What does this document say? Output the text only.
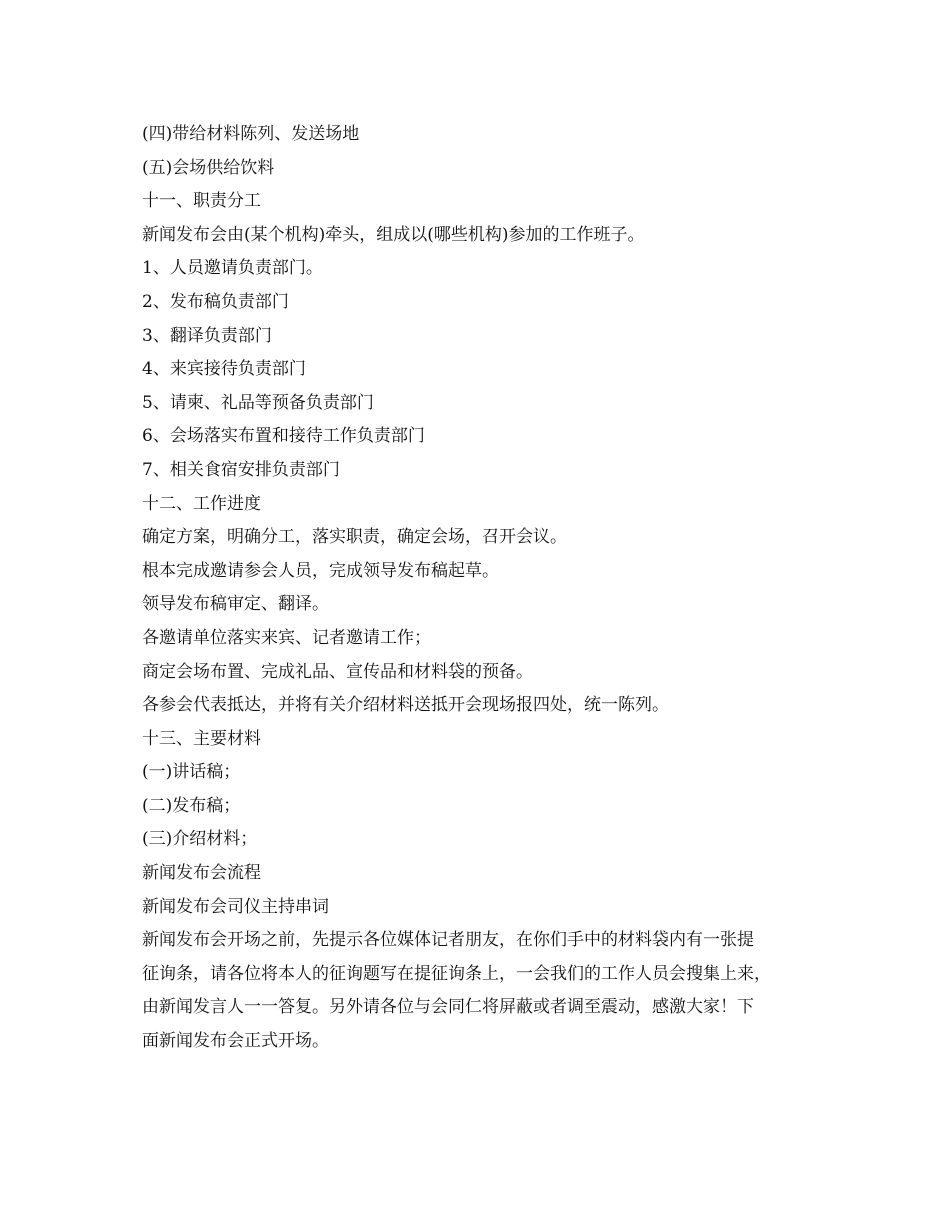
(四)带给材料陈列、发送场地

(五)会场供给饮料

十一、职责分工

新闻发布会由(某个机构)牵头，组成以(哪些机构)参加的工作班子。

1、人员邀请负责部门。

2、发布稿负责部门

3、翻译负责部门

4、来宾接待负责部门

5、请柬、礼品等预备负责部门

6、会场落实布置和接待工作负责部门

7、相关食宿安排负责部门

十二、工作进度

确定方案，明确分工，落实职责，确定会场，召开会议。

根本完成邀请参会人员，完成领导发布稿起草。

领导发布稿审定、翻译。

各邀请单位落实来宾、记者邀请工作；

商定会场布置、完成礼品、宣传品和材料袋的预备。

各参会代表抵达，并将有关介绍材料送抵开会现场报四处，统一陈列。

十三、主要材料

(一)讲话稿；

(二)发布稿；

(三)介绍材料；

新闻发布会流程

新闻发布会司仪主持串词

新闻发布会开场之前，先提示各位媒体记者朋友，在你们手中的材料袋内有一张提

征询条，请各位将本人的征询题写在提征询条上，一会我们的工作人员会搜集上来，

由新闻发言人一一答复。另外请各位与会同仁将屏蔽或者调至震动，感激大家！下

面新闻发布会正式开场。
